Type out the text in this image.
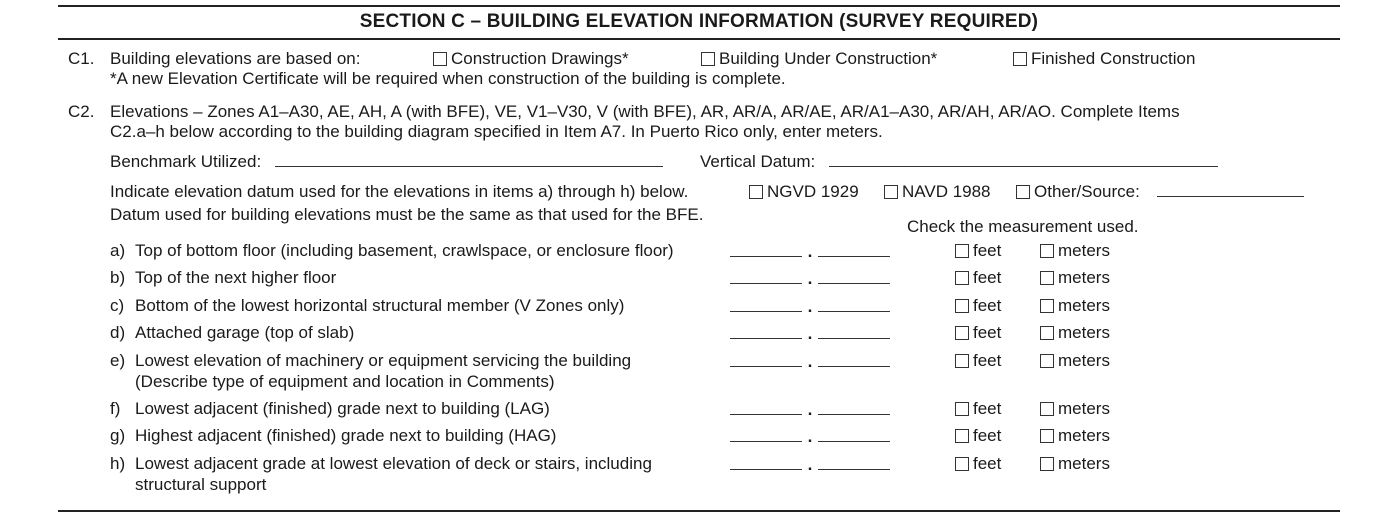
SECTION C – BUILDING ELEVATION INFORMATION (SURVEY REQUIRED)
C1. Building elevations are based on:	Construction Drawings*	Building Under Construction*	Finished Construction
*A new Elevation Certificate will be required when construction of the building is complete.
C2. Elevations – Zones A1–A30, AE, AH, A (with BFE), VE, V1–V30, V (with BFE), AR, AR/A, AR/AE, AR/A1–A30, AR/AH, AR/AO. Complete Items
C2.a–h below according to the building diagram specified in Item A7. In Puerto Rico only, enter meters.
Benchmark Utilized:	Vertical Datum:
Indicate elevation datum used for the elevations in items a) through h) below.	NGVD 1929	NAVD 1988	Other/Source:
Datum used for building elevations must be the same as that used for the BFE.
Check the measurement used.
a) Top of bottom floor (including basement, crawlspace, or enclosure floor)	.	feet	meters
b) Top of the next higher floor	.	feet	meters
c) Bottom of the lowest horizontal structural member (V Zones only)	.	feet	meters
d) Attached garage (top of slab)	.	feet	meters
e) Lowest elevation of machinery or equipment servicing the building
(Describe type of equipment and location in Comments)
.	feet	meters
f) Lowest adjacent (finished) grade next to building (LAG)	.	feet	meters
g) Highest adjacent (finished) grade next to building (HAG)	.	feet	meters
h) Lowest adjacent grade at lowest elevation of deck or stairs, including
structural support
.	feet	meters
